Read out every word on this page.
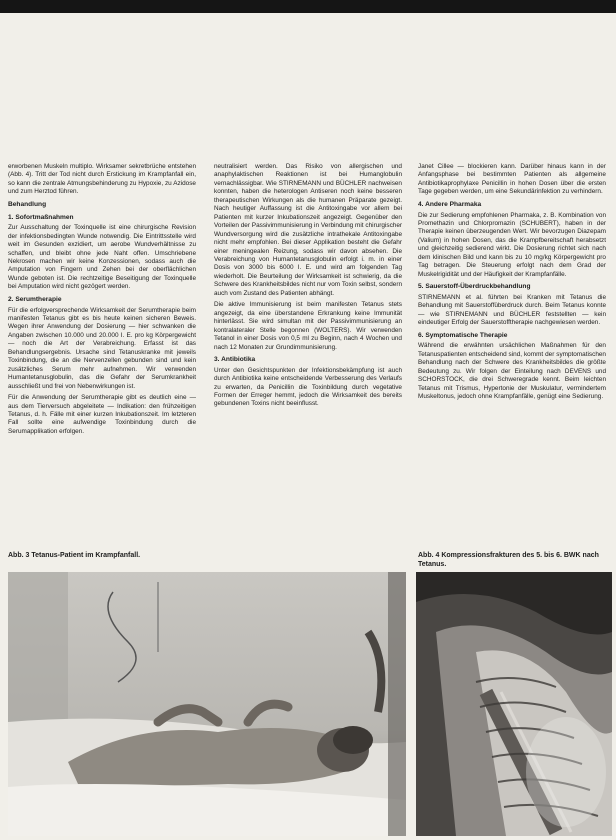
erworbenen Muskeln multiplo. Wirksamer sekretbrüche entstehen (Abb. 4). Tritt der Tod nicht durch Erstickung im Krampfanfall ein, so kann die zentrale Atmungsbehinderung zu Hypoxie, zu Azidose und zum Herztod führen.

Behandlung
1. Sofortmaßnahmen

Zur Ausschaltung der Toxinquelle ist eine chirurgische Revision der infektionsbedingten Wunde notwendig. Die Eintrittsstelle wird weit im Gesunden exzidiert, um aerobe Wundverhältnisse zu schaffen, und bleibt ohne jede Naht offen. Umschriebene Nekrosen machen wir keine Konzessionen, sodass auch die Amputation von Fingern und Zehen bei der oberflächlichen Wunde geboten ist. Die rechtzeitige Beseitigung der Toxinquelle bei Amputation wird nicht gezögert werden.

2. Serumtherapie

Für die erfolgversprechende Wirksamkeit der Serumtherapie beim manifesten Tetanus gibt es bis heute keinen sicheren Beweis. Wegen ihrer Anwendung der Dosierung — hier schwanken die Angaben zwischen 10.000 und 20.000 I. E. pro kg Körpergewicht — noch die Art der Verabreichung. Erfasst ist das Behandlungsergebnis. Ursache sind Tetanuskranke mit jeweils Toxinbindung, die an die Nervenzellen gebunden sind und kein zusätzliches Serum mehr aufnehmen. Wir verwenden Humantetanusglobulin, das die Gefahr der Serumkrankheit ausschließt und frei von Nebenwirkungen ist.

Für die Anwendung der Serumtherapie gibt es deutlich eine — aus dem Tierversuch abgeleitete — Indikation: den frühzeitigen Tetanus, d. h. Fälle mit einer kurzen Inkubationszeit. Im letzteren Fall sollte eine aufwendige Toxinbindung durch die Serumapplikation erfolgen.

neutralisiert werden. Das Risiko von allergischen und anaphylaktischen Reaktionen ist bei Humanglobulin vernachlässigbar. Wie STIRNEMANN und BÜCHLER nachweisen konnten, haben die heterologen Antiseren noch keine besseren therapeutischen Wirkungen als die humanen Präparate gezeigt. Nach heutiger Auffassung ist die Antitoxingabe vor allem bei Patienten mit kurzer Inkubationszeit angezeigt. Gegenüber den Vorteilen der Passivimmunisierung in Verbindung mit chirurgischer Wundversorgung wird die zusätzliche intrathekale Antitoxingabe nicht mehr empfohlen. Bei dieser Applikation besteht die Gefahr einer meningealen Reizung, sodass wir davon absehen. Die Verabreichung von Humantetanusglobulin erfolgt i. m. in einer Dosis von 3000 bis 6000 I. E. und wird am folgenden Tag wiederholt. Die Beurteilung der Wirksamkeit ist schwierig, da die Schwere des Krankheitsbildes nicht nur vom Toxin selbst, sondern auch vom Zustand des Patienten abhängt.

Die aktive Immunisierung ist beim manifesten Tetanus stets angezeigt, da eine überstandene Erkrankung keine Immunität hinterlässt. Sie wird simultan mit der Passivimmunisierung an kontralateraler Stelle begonnen (WOLTERS). Wir verwenden Tetanol in einer Dosis von 0,5 ml zu Beginn, nach 4 Wochen und nach 12 Monaten zur Grundimmunisierung.

3. Antibiotika

Unter den Gesichtspunkten der Infektionsbekämpfung ist auch durch Antibiotika keine entscheidende Verbesserung des Verlaufs zu erwarten, da Penicillin die Toxinbildung durch vegetative Formen der Erreger hemmt, jedoch die Wirksamkeit des bereits gebundenen Toxins nicht beeinflusst.

Janet Cillee — blockieren kann. Darüber hinaus kann in der Anfangsphase bei bestimmten Patienten als allgemeine Antibiotikaprophylaxe Penicillin in hohen Dosen über die ersten Tage gegeben werden, um eine Sekundärinfektion zu verhindern.

4. Andere Pharmaka

Die zur Sedierung empfohlenen Pharmaka, z. B. Kombination von Promethazin und Chlorpromazin (SCHUBERT), haben in der Therapie keinen überzeugenden Wert. Wir bevorzugen Diazepam (Valium) in hohen Dosen, das die Krampfbereitschaft herabsetzt und gleichzeitig sedierend wirkt. Die Dosierung richtet sich nach dem klinischen Bild und kann bis zu 10 mg/kg Körpergewicht pro Tag betragen. Die Steuerung erfolgt nach dem Grad der Muskelrigidität und der Häufigkeit der Krampfanfälle.

5. Sauerstoff-Überdruckbehandlung

STIRNEMANN et al. führten bei Kranken mit Tetanus die Behandlung mit Sauerstoffüberdruck durch. Beim Tetanus konnte — wie STIRNEMANN und BÜCHLER feststellten — kein eindeutiger Erfolg der Sauerstofftherapie nachgewiesen werden.

6. Symptomatische Therapie

Während die erwähnten ursächlichen Maßnahmen für den Tetanuspatienten entscheidend sind, kommt der symptomatischen Behandlung nach der Schwere des Krankheitsbildes die größte Bedeutung zu. Wir folgen der Einteilung nach DEVENS und SCHORSTOCK, die drei Schweregrade kennt. Beim leichten Tetanus mit Trismus, Hypertonie der Muskulatur, vermindertem Muskeltonus, jedoch ohne Krampfanfälle, genügt eine Sedierung.

Abb. 3 Tetanus-Patient im Krampfanfall.	Abb. 4 Kompressionsfrakturen des 5. bis 6. BWK nach Tetanus.
